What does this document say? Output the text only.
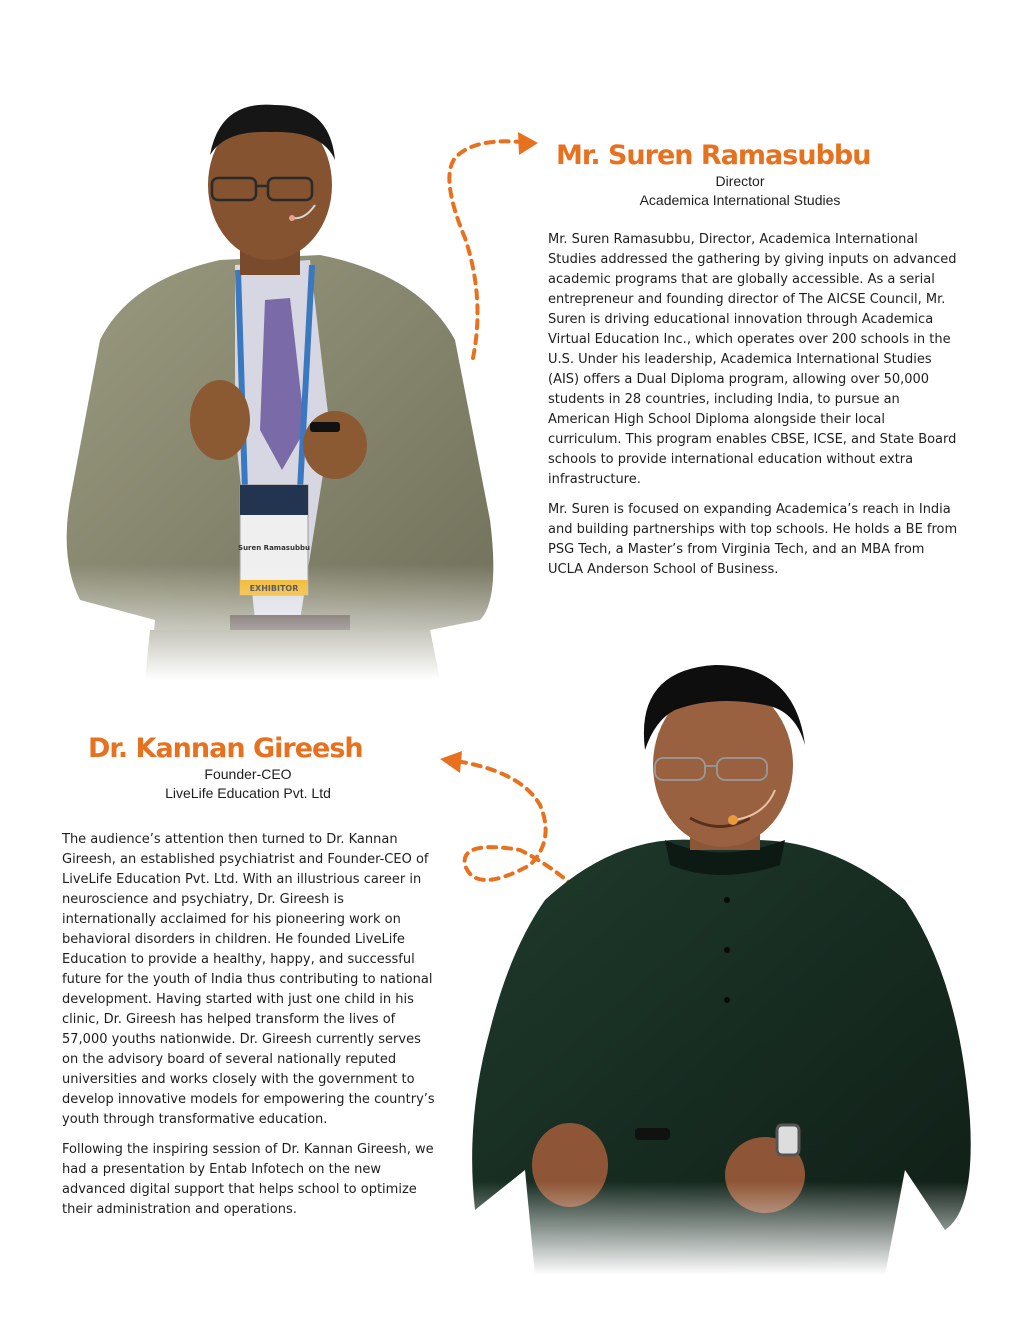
Mr. Suren Ramasubbu
Director
Academica International Studies

Mr. Suren Ramasubbu, Director, Academica International Studies addressed the gathering by giving inputs on advanced academic programs that are globally accessible. As a serial entrepreneur and founding director of The AICSE Council, Mr. Suren is driving educational innovation through Academica Virtual Education Inc., which operates over 200 schools in the U.S. Under his leadership, Academica International Studies (AIS) offers a Dual Diploma program, allowing over 50,000 students in 28 countries, including India, to pursue an American High School Diploma alongside their local curriculum. This program enables CBSE, ICSE, and State Board schools to provide international education without extra infrastructure.

Mr. Suren is focused on expanding Academica’s reach in India and building partnerships with top schools. He holds a BE from PSG Tech, a Master’s from Virginia Tech, and an MBA from UCLA Anderson School of Business.

Dr. Kannan Gireesh
Founder-CEO
LiveLife Education Pvt. Ltd

The audience’s attention then turned to Dr. Kannan Gireesh, an established psychiatrist and Founder-CEO of LiveLife Education Pvt. Ltd. With an illustrious career in neuroscience and psychiatry, Dr. Gireesh is internationally acclaimed for his pioneering work on behavioral disorders in children. He founded LiveLife Education to provide a healthy, happy, and successful future for the youth of India thus contributing to national development. Having started with just one child in his clinic, Dr. Gireesh has helped transform the lives of 57,000 youths nationwide. Dr. Gireesh currently serves on the advisory board of several nationally reputed universities and works closely with the government to develop innovative models for empowering the country’s youth through transformative education.

Following the inspiring session of Dr. Kannan Gireesh, we had a presentation by Entab Infotech on the new advanced digital support that helps school to optimize their administration and operations.
